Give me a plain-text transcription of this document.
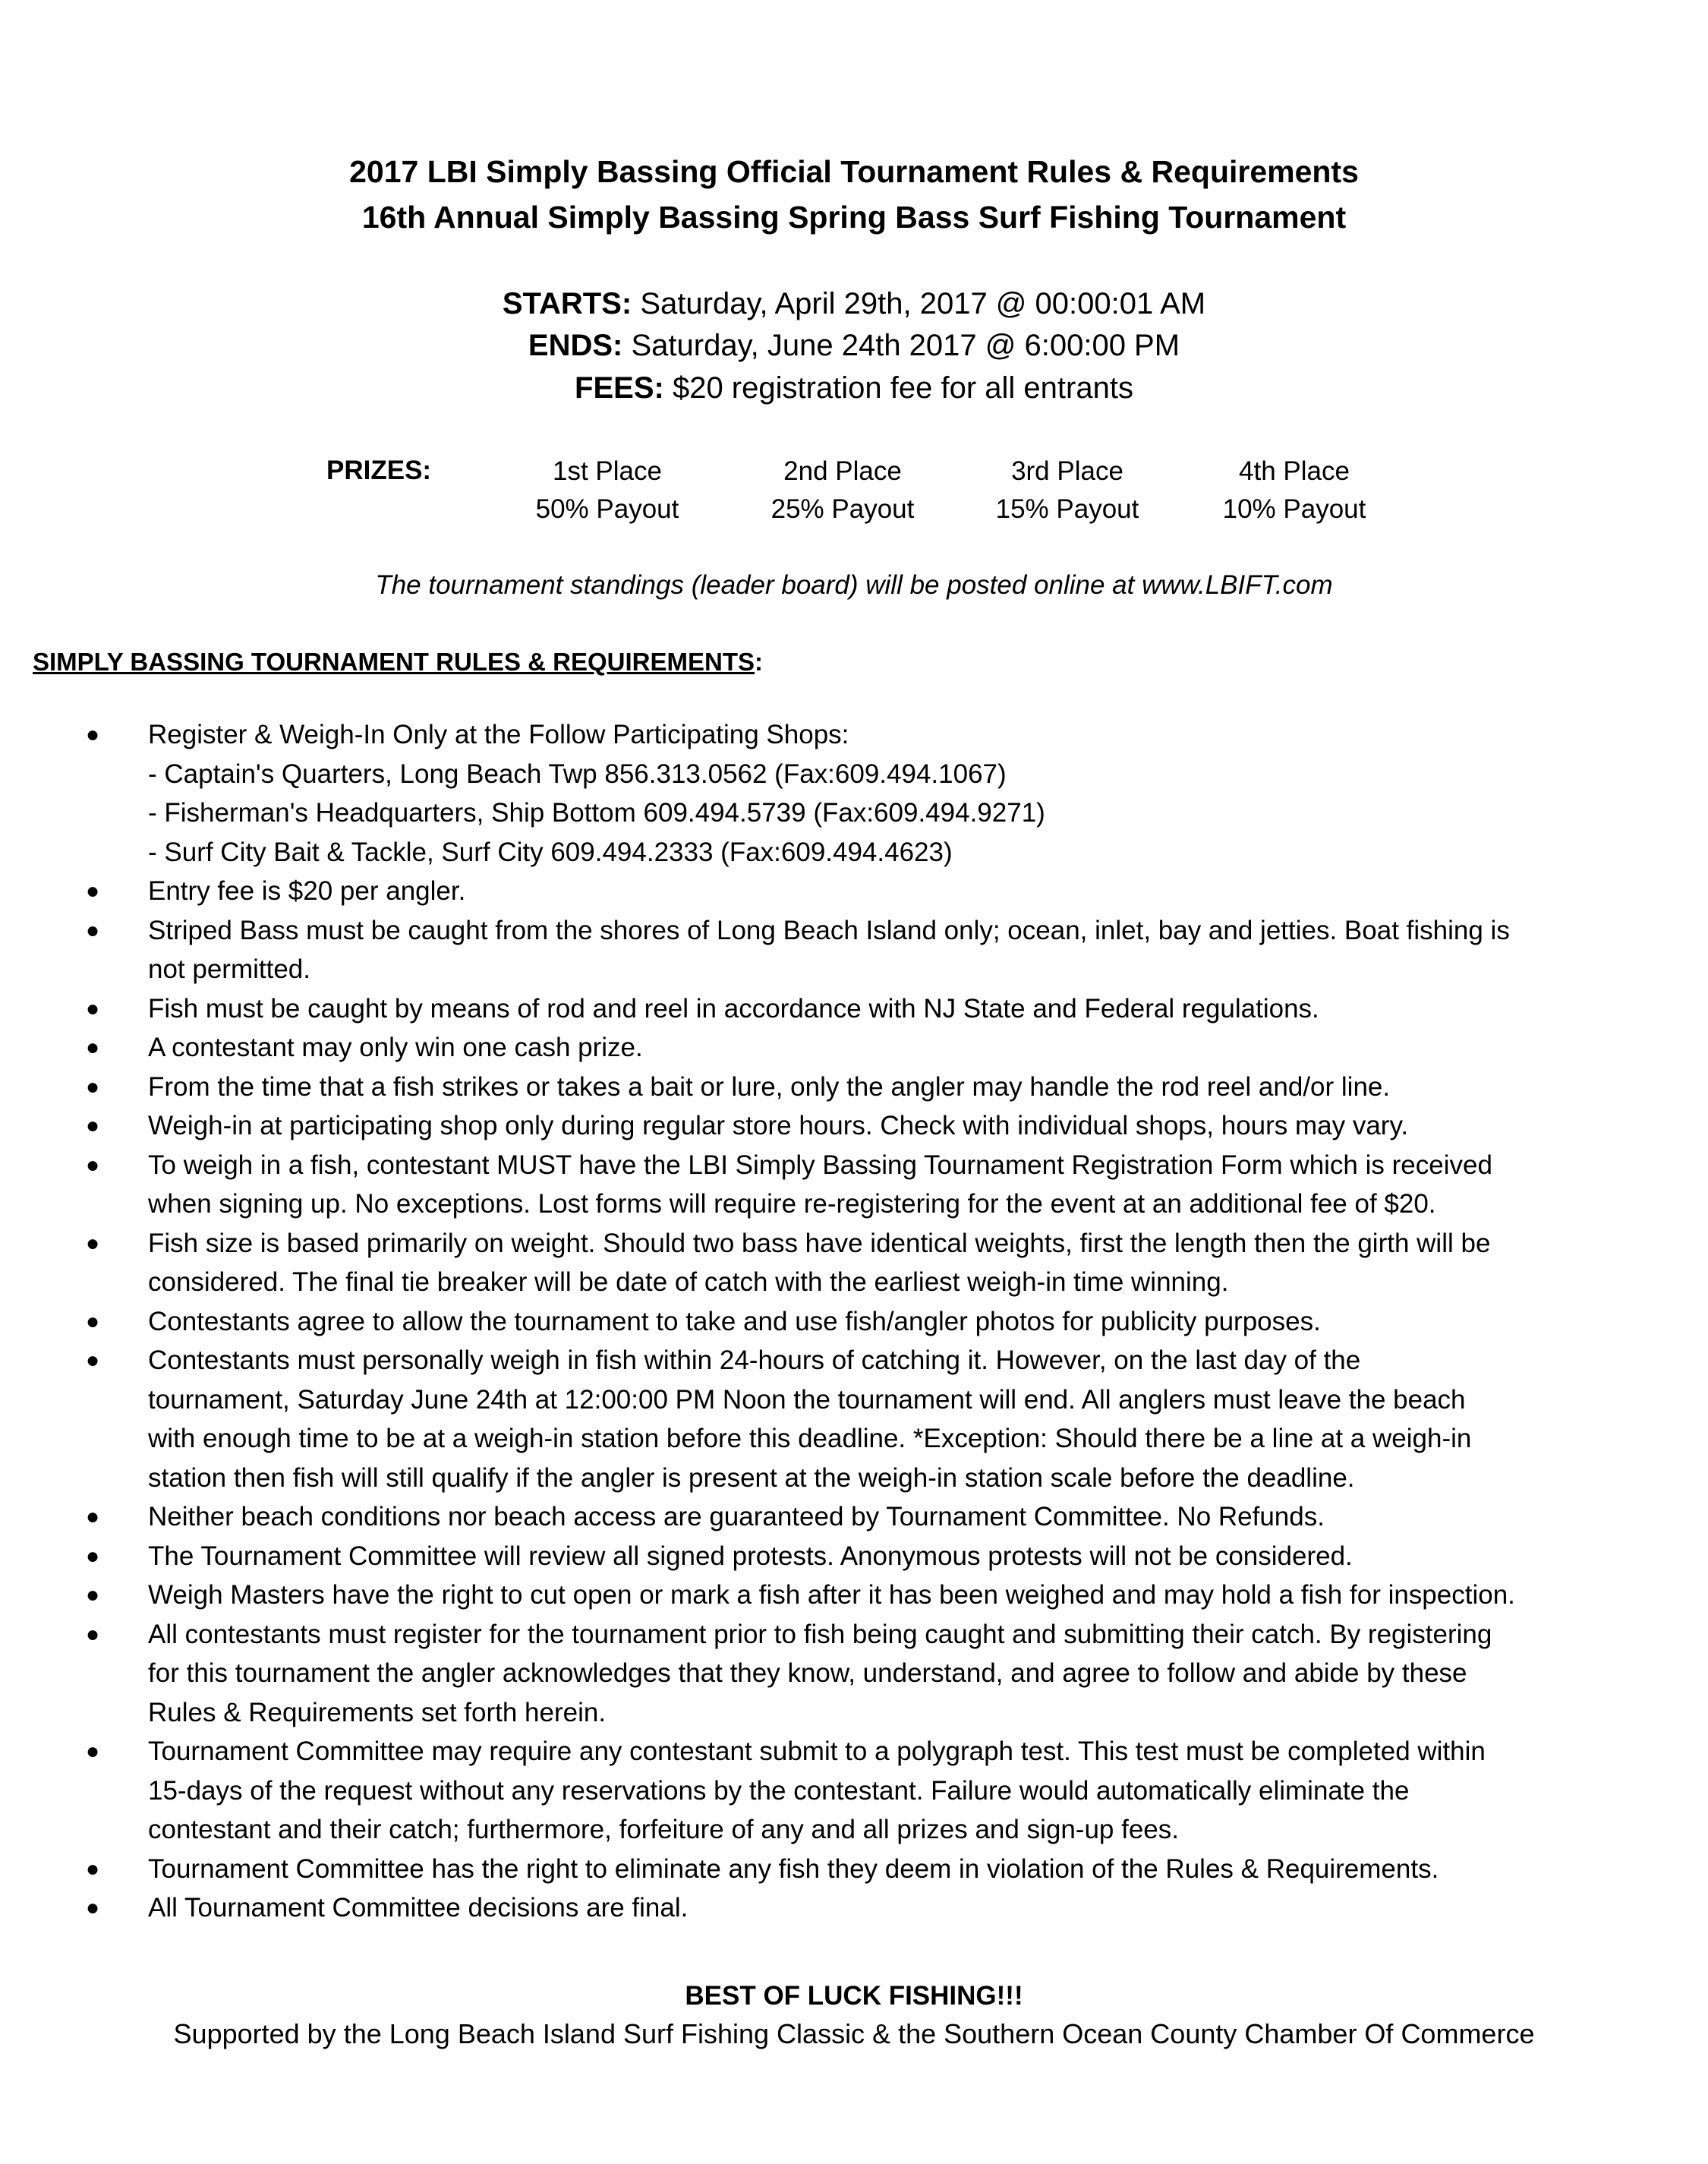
2017 LBI Simply Bassing Official Tournament Rules & Requirements
16th Annual Simply Bassing Spring Bass Surf Fishing Tournament
STARTS: Saturday, April 29th, 2017 @ 00:00:01 AM
ENDS: Saturday, June 24th 2017 @ 6:00:00 PM
FEES: $20 registration fee for all entrants
PRIZES:	1st Place
50% Payout
2nd Place
25% Payout
3rd Place
15% Payout
4th Place
10% Payout
The tournament standings (leader board) will be posted online at www.LBIFT.com
SIMPLY BASSING TOURNAMENT RULES & REQUIREMENTS:
● Register & Weigh-In Only at the Follow Participating Shops:
- Captain's Quarters, Long Beach Twp 856.313.0562 (Fax:609.494.1067)
- Fisherman's Headquarters, Ship Bottom 609.494.5739 (Fax:609.494.9271)
- Surf City Bait & Tackle, Surf City 609.494.2333 (Fax:609.494.4623)
● Entry fee is $20 per angler.
● Striped Bass must be caught from the shores of Long Beach Island only; ocean, inlet, bay and jetties. Boat fishing is
not permitted.
● Fish must be caught by means of rod and reel in accordance with NJ State and Federal regulations.
● A contestant may only win one cash prize.
● From the time that a fish strikes or takes a bait or lure, only the angler may handle the rod reel and/or line.
● Weigh-in at participating shop only during regular store hours. Check with individual shops, hours may vary.
● To weigh in a fish, contestant MUST have the LBI Simply Bassing Tournament Registration Form which is received
when signing up. No exceptions. Lost forms will require re-registering for the event at an additional fee of $20.
● Fish size is based primarily on weight. Should two bass have identical weights, first the length then the girth will be
considered. The final tie breaker will be date of catch with the earliest weigh-in time winning.
● Contestants agree to allow the tournament to take and use fish/angler photos for publicity purposes.
● Contestants must personally weigh in fish within 24-hours of catching it. However, on the last day of the
tournament, Saturday June 24th at 12:00:00 PM Noon the tournament will end. All anglers must leave the beach
with enough time to be at a weigh-in station before this deadline. *Exception: Should there be a line at a weigh-in
station then fish will still qualify if the angler is present at the weigh-in station scale before the deadline.
● Neither beach conditions nor beach access are guaranteed by Tournament Committee. No Refunds.
● The Tournament Committee will review all signed protests. Anonymous protests will not be considered.
● Weigh Masters have the right to cut open or mark a fish after it has been weighed and may hold a fish for inspection.
● All contestants must register for the tournament prior to fish being caught and submitting their catch. By registering
for this tournament the angler acknowledges that they know, understand, and agree to follow and abide by these
Rules & Requirements set forth herein.
● Tournament Committee may require any contestant submit to a polygraph test. This test must be completed within
15-days of the request without any reservations by the contestant. Failure would automatically eliminate the
contestant and their catch; furthermore, forfeiture of any and all prizes and sign-up fees.
● Tournament Committee has the right to eliminate any fish they deem in violation of the Rules & Requirements.
● All Tournament Committee decisions are final.
BEST OF LUCK FISHING!!!
Supported by the Long Beach Island Surf Fishing Classic & the Southern Ocean County Chamber Of Commerce
